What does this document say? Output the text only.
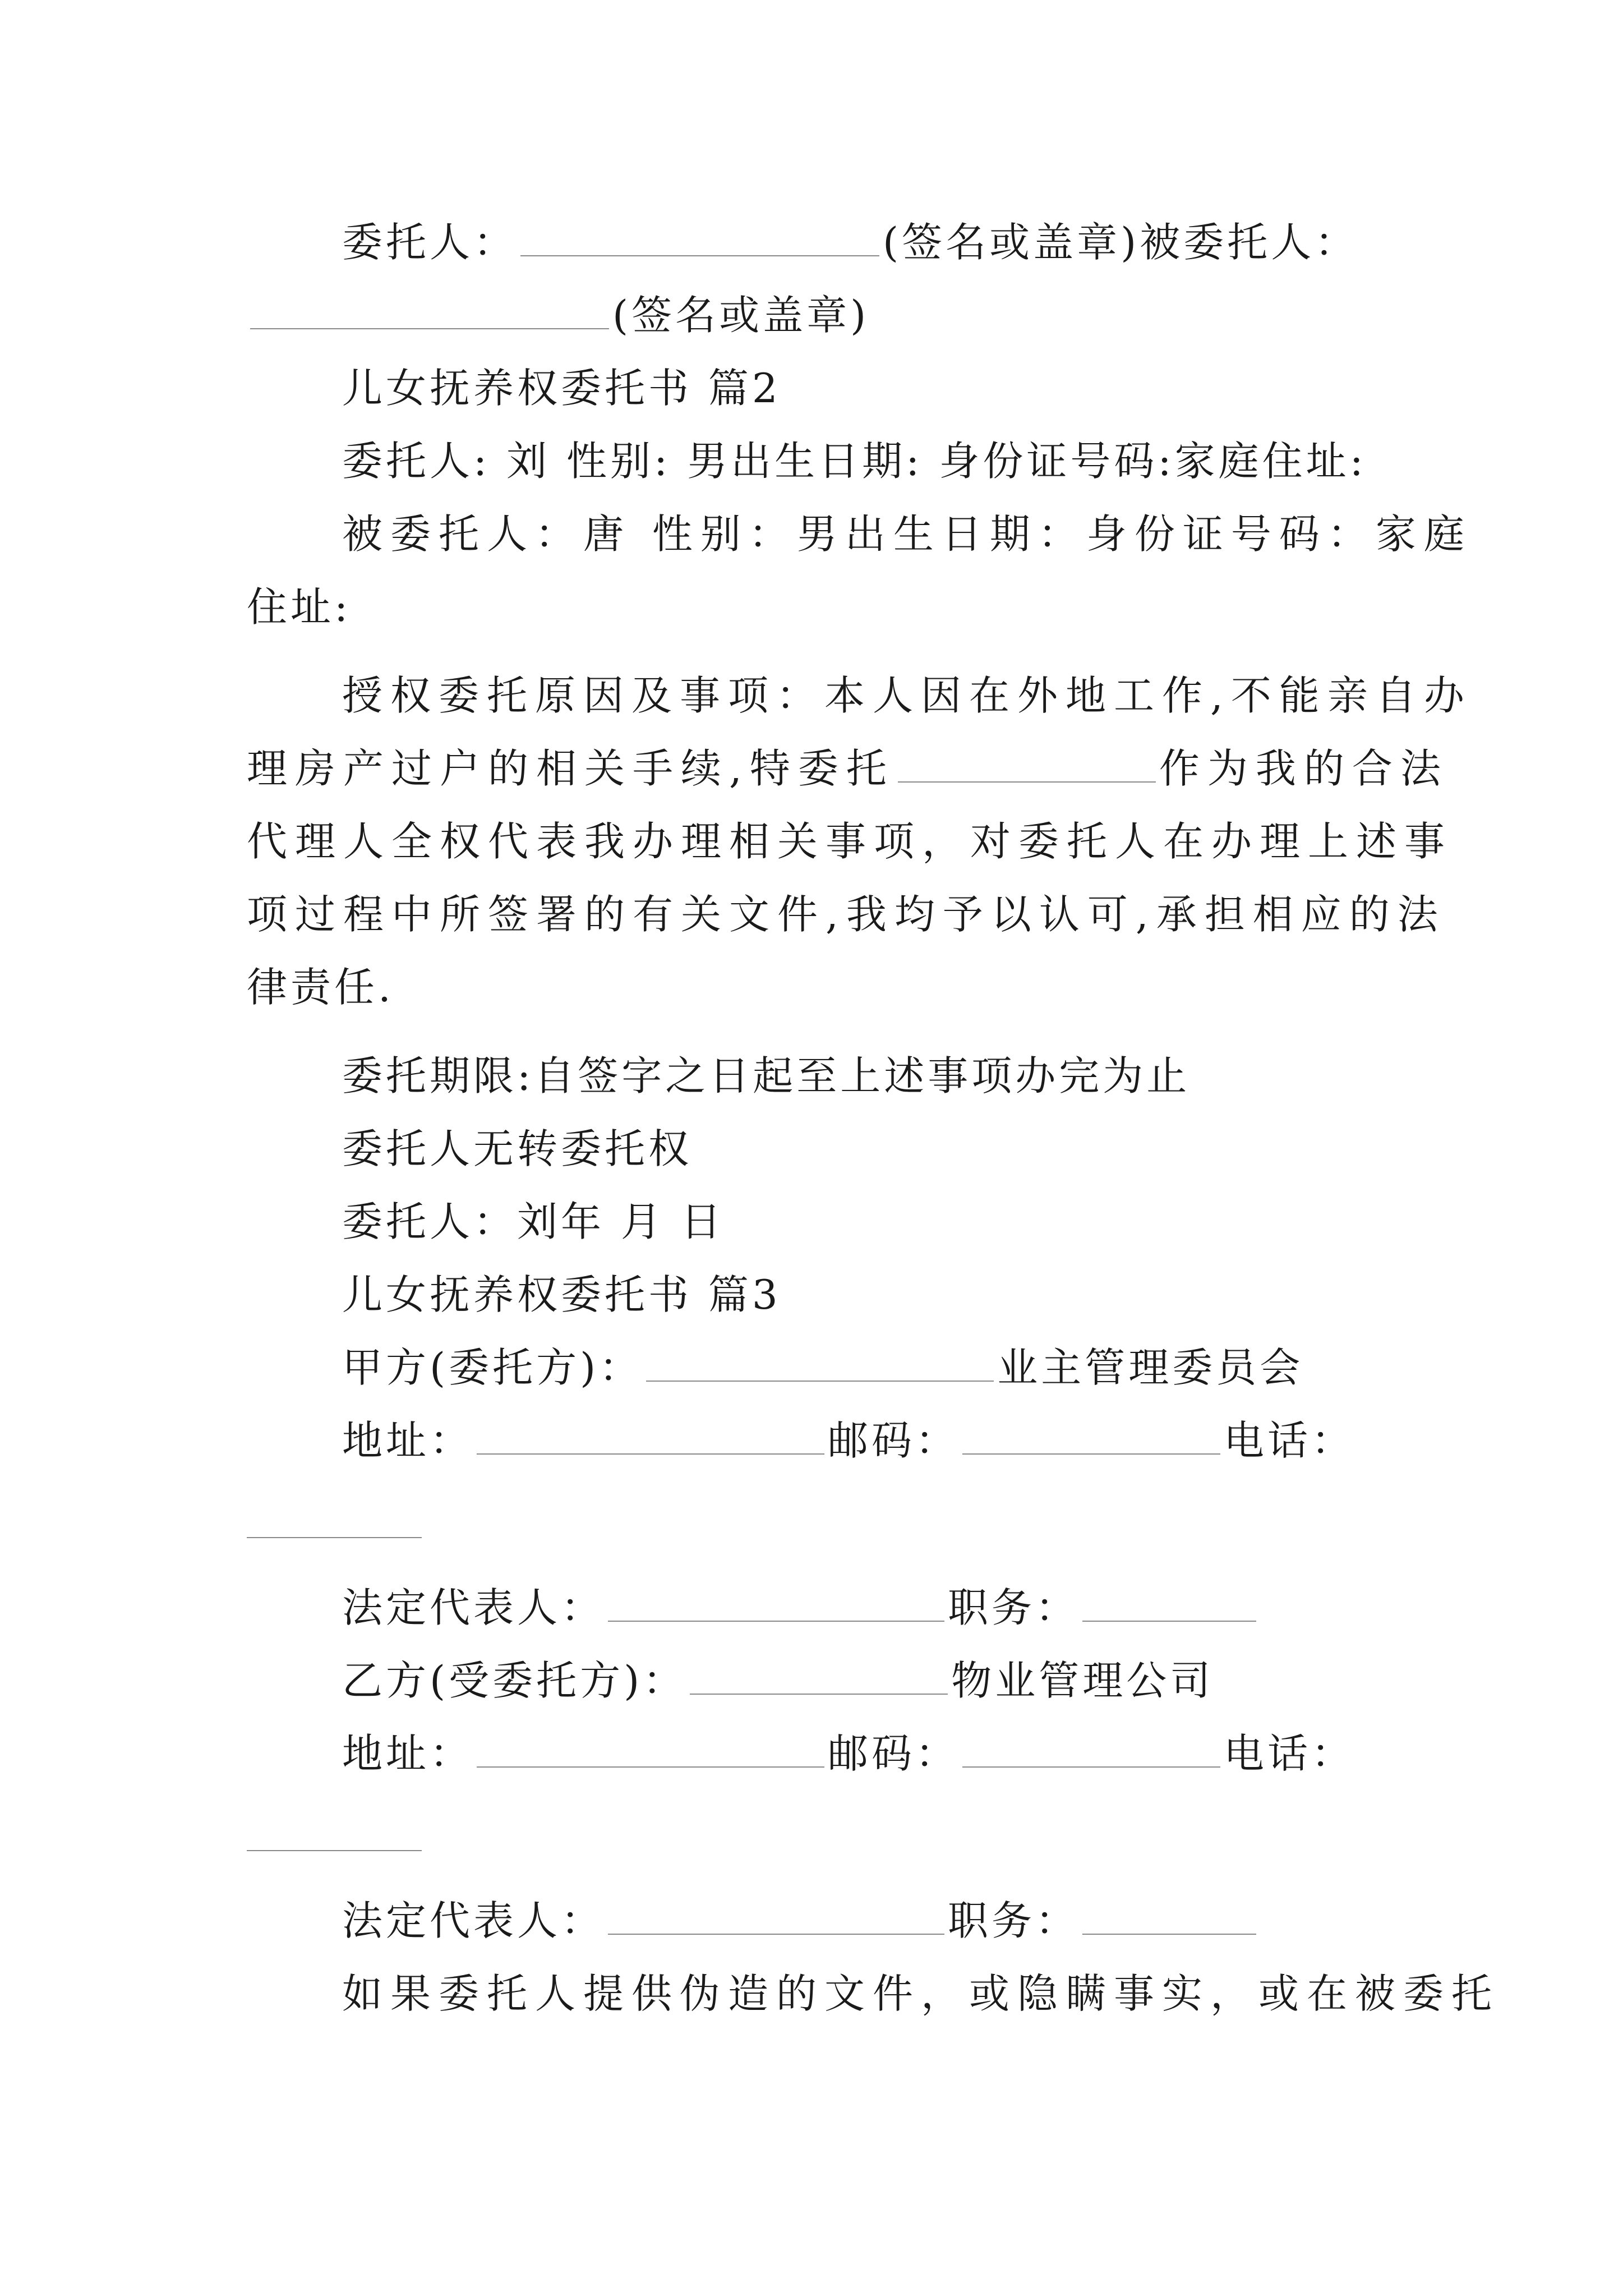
委托人：	(签名或盖章)被委托人：
(签名或盖章)
儿女抚养权委托书 篇2
委托人: 刘 性别: 男出生日期: 身份证号码:家庭住址:
被委托人：唐 性别：男出生日期：身份证号码：家庭
住址:
授权委托原因及事项：本人因在外地工作,不能亲自办
理房产过户的相关手续,特委托	作为我的合法
代理人全权代表我办理相关事项，对委托人在办理上述事
项过程中所签署的有关文件,我均予以认可,承担相应的法
律责任.
委托期限:自签字之日起至上述事项办完为止
委托人无转委托权
委托人：刘年 月 日
儿女抚养权委托书 篇3
甲方(委托方)：	业主管理委员会
地址：	邮码：	电话：
法定代表人：	职务：
乙方(受委托方)：	物业管理公司
地址：	邮码：	电话：
法定代表人：	职务：
如果委托人提供伪造的文件，或隐瞒事实，或在被委托
